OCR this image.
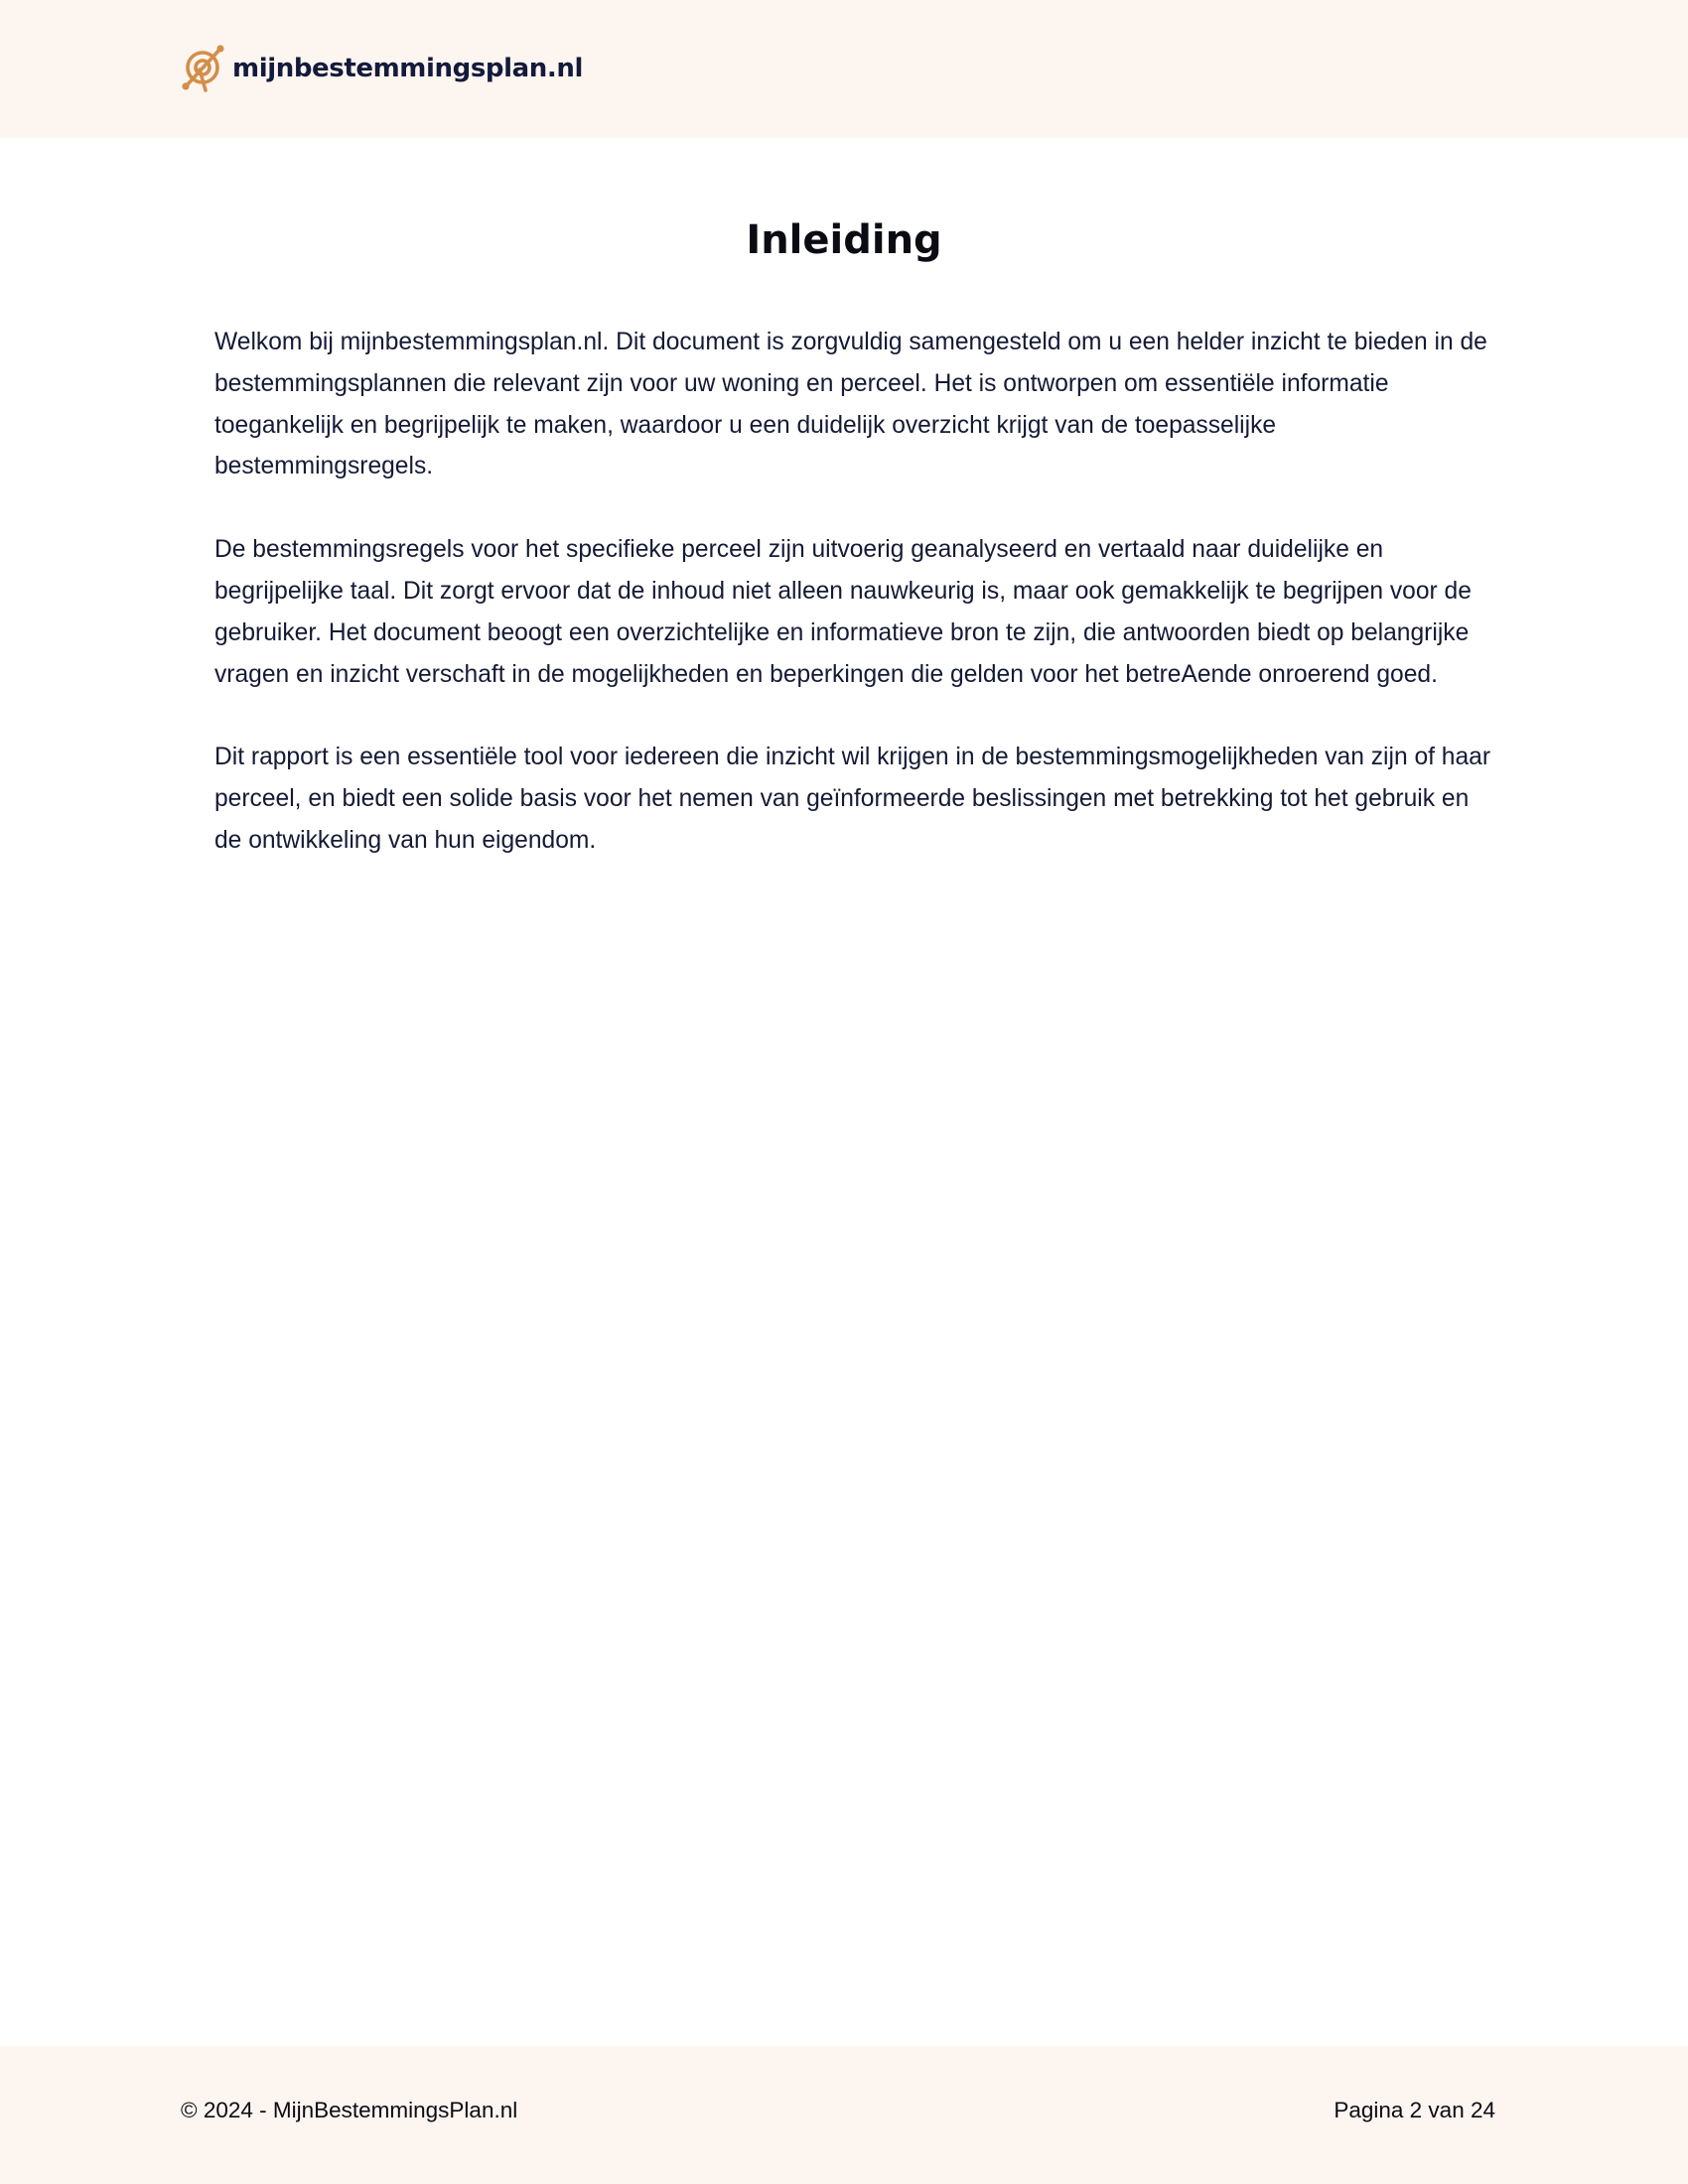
mijnbestemmingsplan.nl
Inleiding

Welkom bij mijnbestemmingsplan.nl. Dit document is zorgvuldig samengesteld om u een helder inzicht te bieden in de bestemmingsplannen die relevant zijn voor uw woning en perceel. Het is ontworpen om essentiële informatie toegankelijk en begrijpelijk te maken, waardoor u een duidelijk overzicht krijgt van de toepasselijke bestemmingsregels.

De bestemmingsregels voor het specifieke perceel zijn uitvoerig geanalyseerd en vertaald naar duidelijke en begrijpelijke taal. Dit zorgt ervoor dat de inhoud niet alleen nauwkeurig is, maar ook gemakkelijk te begrijpen voor de gebruiker. Het document beoogt een overzichtelijke en informatieve bron te zijn, die antwoorden biedt op belangrijke vragen en inzicht verschaft in de mogelijkheden en beperkingen die gelden voor het betreAende onroerend goed.

Dit rapport is een essentiële tool voor iedereen die inzicht wil krijgen in de bestemmingsmogelijkheden van zijn of haar perceel, en biedt een solide basis voor het nemen van geïnformeerde beslissingen met betrekking tot het gebruik en de ontwikkeling van hun eigendom.

© 2024 - MijnBestemmingsPlan.nl	Pagina 2 van 24
